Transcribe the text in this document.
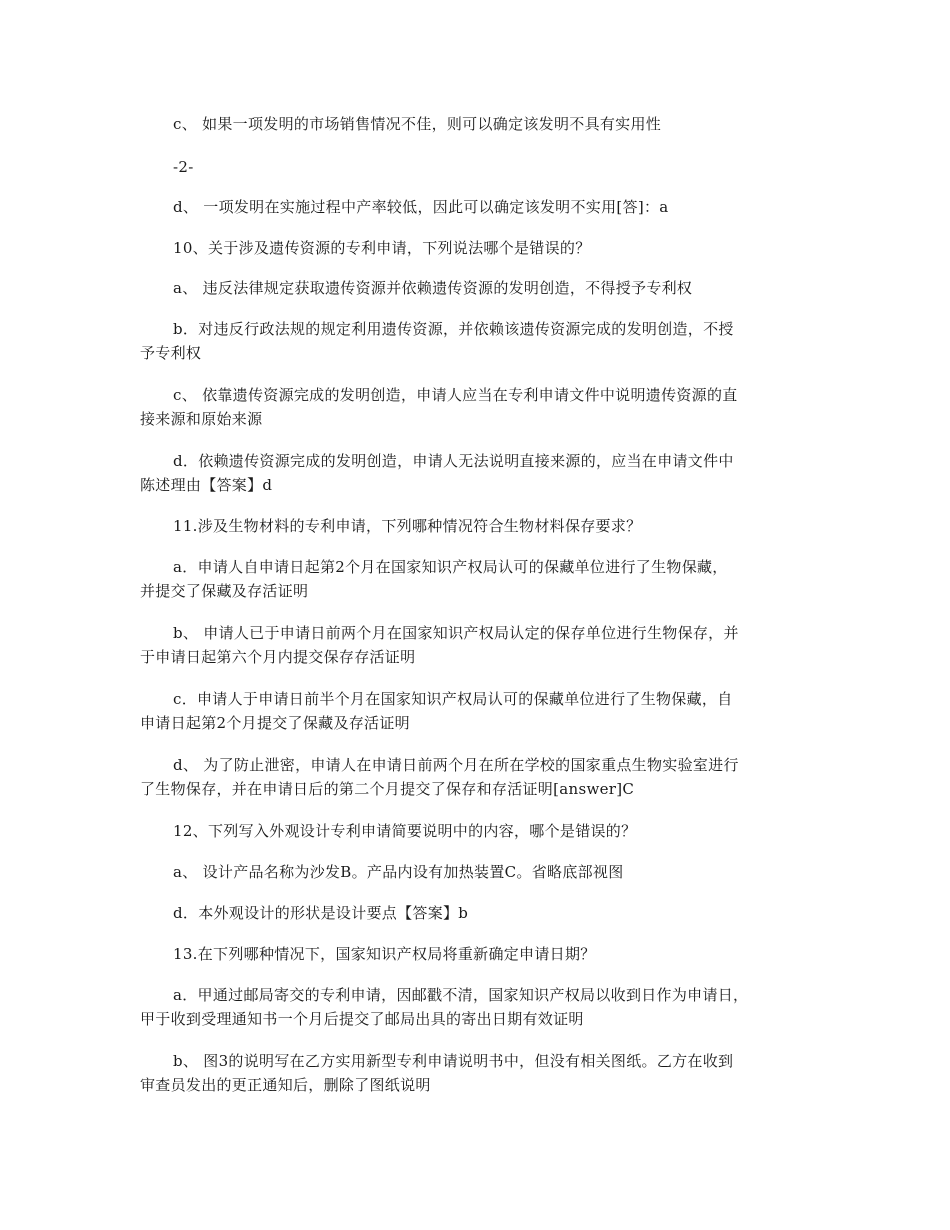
c、 如果一项发明的市场销售情况不佳，则可以确定该发明不具有实用性
-2-
d、 一项发明在实施过程中产率较低，因此可以确定该发明不实用[答]：a
10、关于涉及遗传资源的专利申请，下列说法哪个是错误的？
a、 违反法律规定获取遗传资源并依赖遗传资源的发明创造，不得授予专利权
b．对违反行政法规的规定利用遗传资源，并依赖该遗传资源完成的发明创造，不授
予专利权
c、 依靠遗传资源完成的发明创造，申请人应当在专利申请文件中说明遗传资源的直
接来源和原始来源
d．依赖遗传资源完成的发明创造，申请人无法说明直接来源的，应当在申请文件中
陈述理由【答案】d
11.涉及生物材料的专利申请，下列哪种情况符合生物材料保存要求？
a．申请人自申请日起第2个月在国家知识产权局认可的保藏单位进行了生物保藏，
并提交了保藏及存活证明
b、 申请人已于申请日前两个月在国家知识产权局认定的保存单位进行生物保存，并
于申请日起第六个月内提交保存存活证明
c．申请人于申请日前半个月在国家知识产权局认可的保藏单位进行了生物保藏，自
申请日起第2个月提交了保藏及存活证明
d、 为了防止泄密，申请人在申请日前两个月在所在学校的国家重点生物实验室进行
了生物保存，并在申请日后的第二个月提交了保存和存活证明[answer]C
12、下列写入外观设计专利申请简要说明中的内容，哪个是错误的？
a、 设计产品名称为沙发B。产品内设有加热装置C。省略底部视图
d．本外观设计的形状是设计要点【答案】b
13.在下列哪种情况下，国家知识产权局将重新确定申请日期？
a．甲通过邮局寄交的专利申请，因邮戳不清，国家知识产权局以收到日作为申请日，
甲于收到受理通知书一个月后提交了邮局出具的寄出日期有效证明
b、 图3的说明写在乙方实用新型专利申请说明书中，但没有相关图纸。乙方在收到
审查员发出的更正通知后，删除了图纸说明
